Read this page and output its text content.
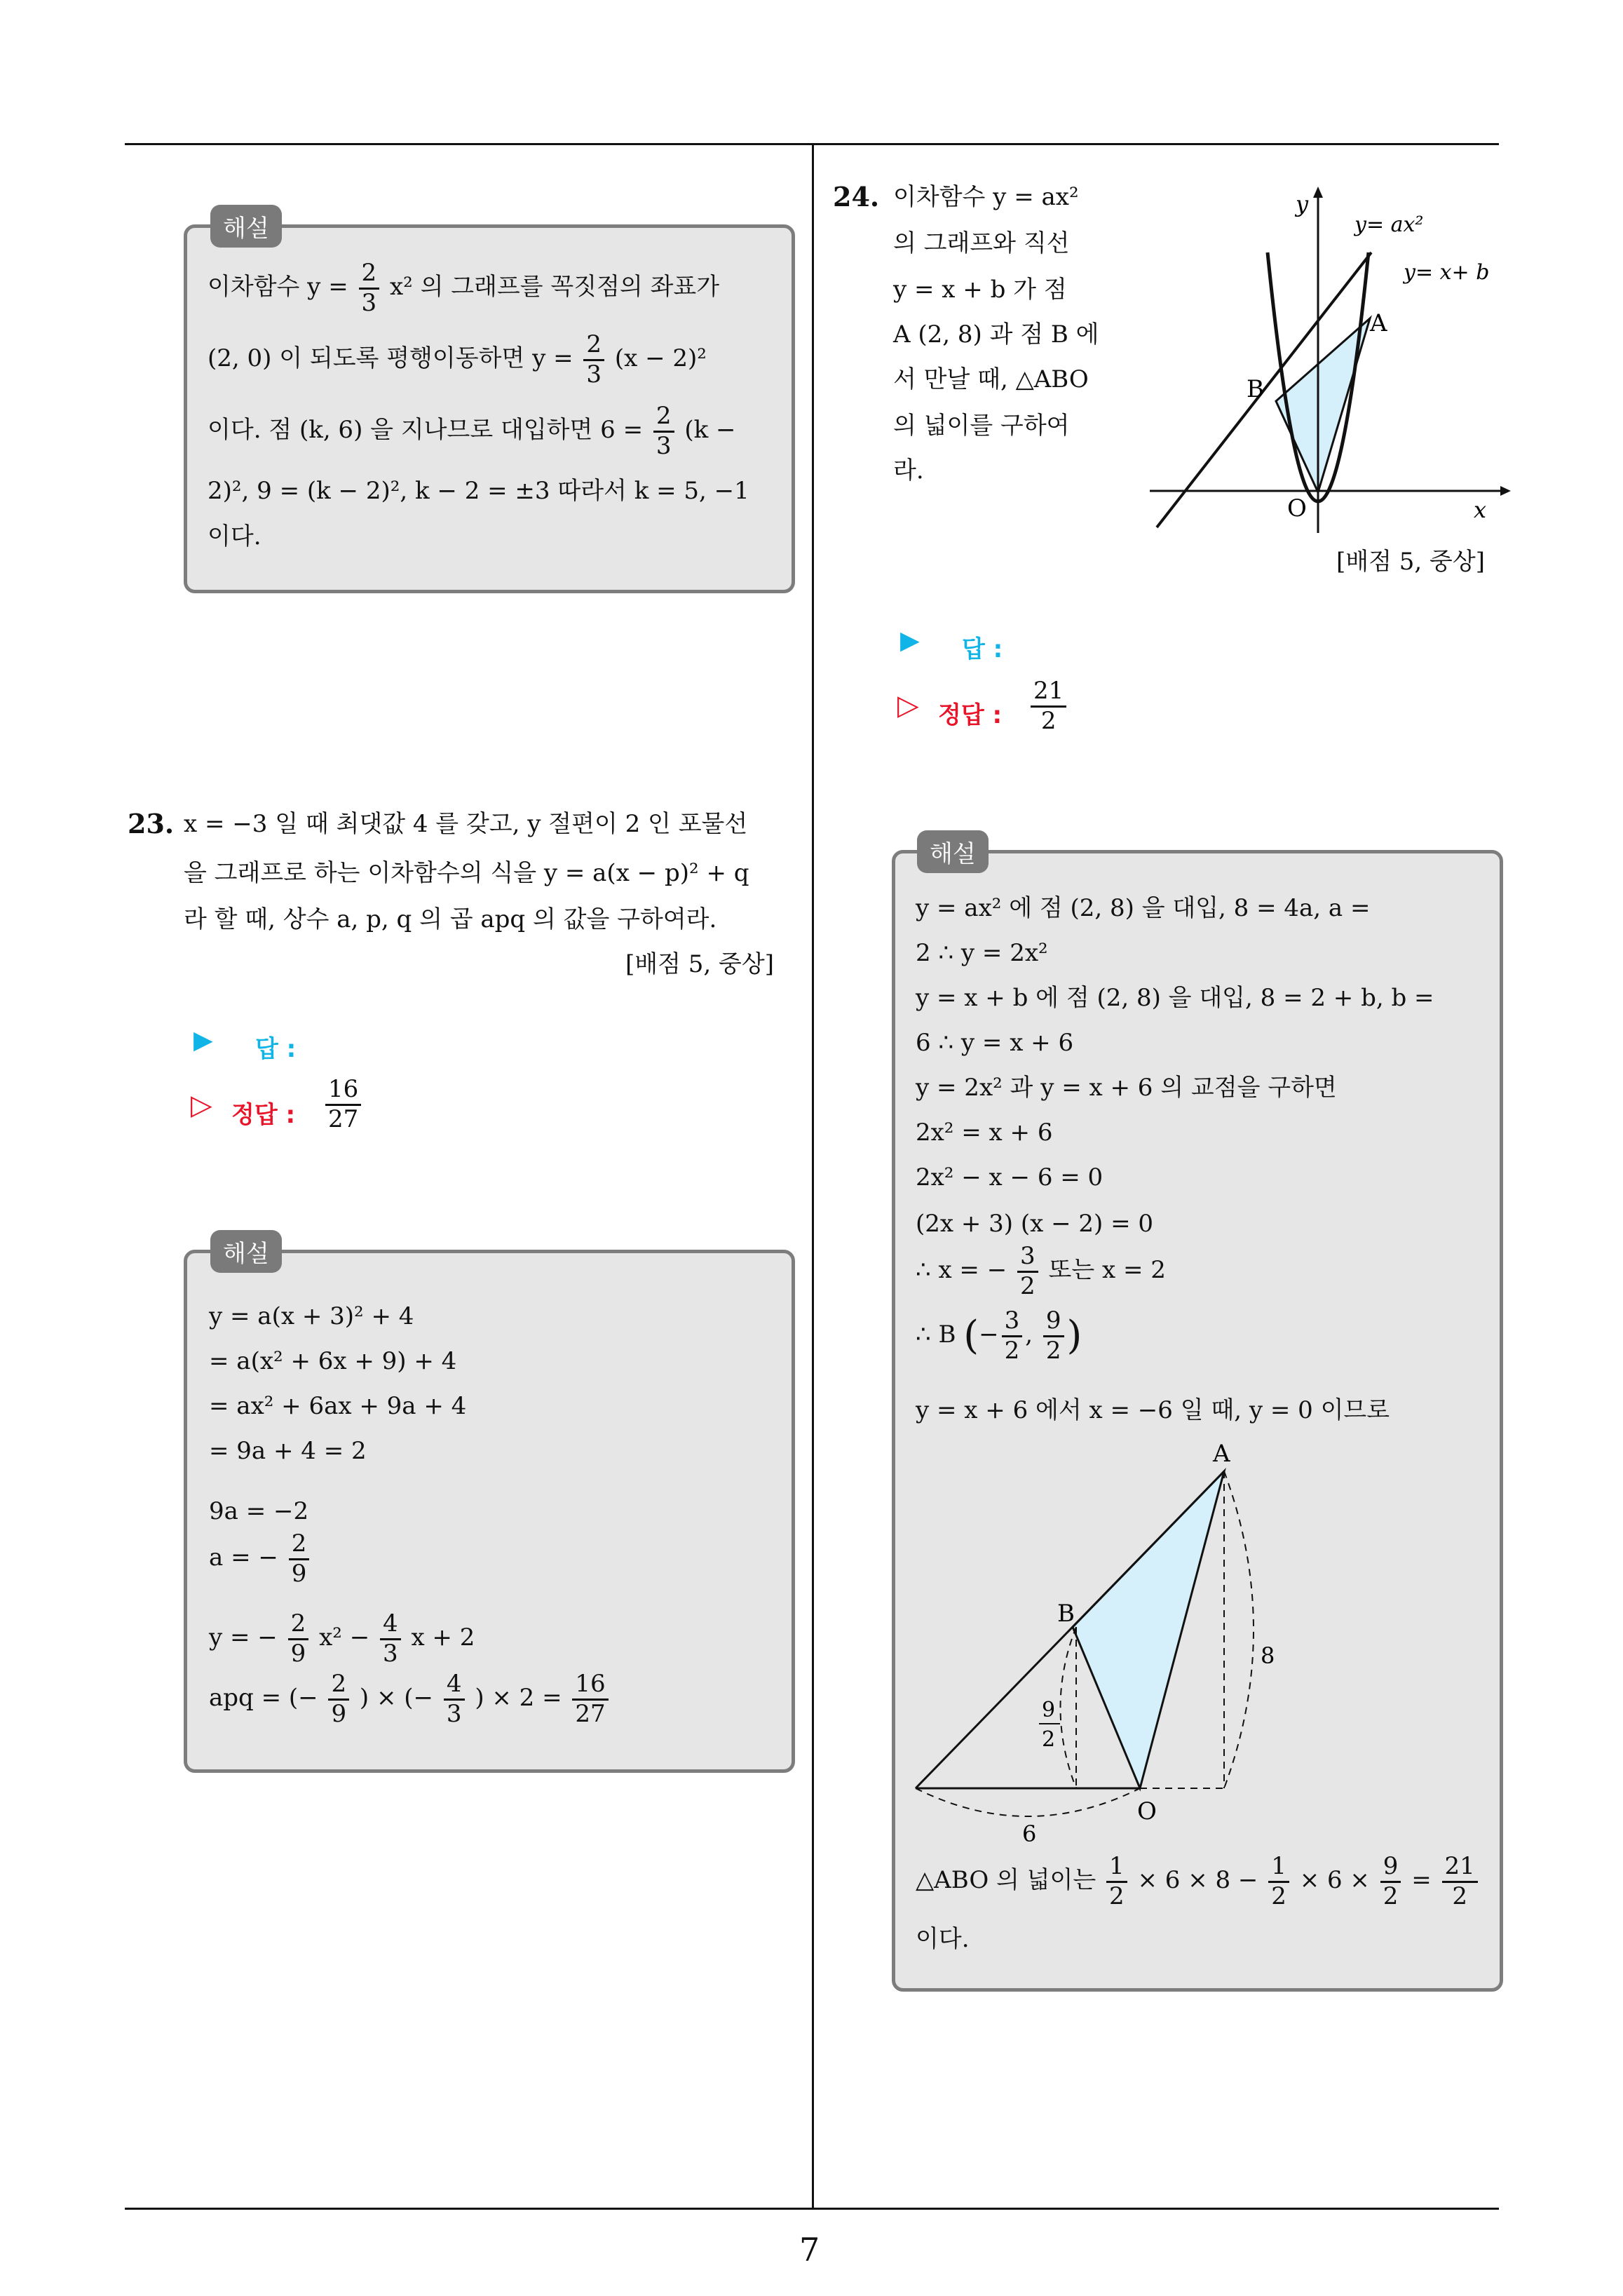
7
해설
이차함수 $y = \frac{2}{3} x^2$ 의 그래프를 꼭짓점의 좌표가
(2, 0) 이 되도록 평행이동하면 $y = \frac{2}{3} (x - 2)^2$
이다. 점 (k, 6) 을 지나므로 대입하면 $6 = \frac{2}{3} (k$ −
2)², 9 = (k − 2)², k − 2 = ±3 따라서 k = 5, −1
이다.
23. x = −3 일 때 최댓값 4 를 갖고, y 절편이 2 인 포물선
을 그래프로 하는 이차함수의 식을 y = a(x − p)² + q
라 할 때, 상수 a, p, q 의 곱 apq 의 값을 구하여라.
[배점 5, 중상]
▶ 답 :
▷ 정답 : $\frac{16}{27}$
해설
y = a(x + 3)² + 4
= a(x² + 6x + 9) + 4
= ax² + 6ax + 9a + 4
= 9a + 4 = 2
9a = −2
a = − $\frac{2}{9}$
y = − $\frac{2}{9} x^2 - \frac{4}{3}$ x + 2
apq = (− $\frac{2}{9}$ ) × (− $\frac{4}{3}$ ) × $2 = \frac{16}{27}$
24. 이차함수 y = ax²
의 그래프와 직선
y = x + b 가 점
A (2, 8) 과 점 B 에
서 만날 때, △ABO
의 넓이를 구하여
라.
y
x
O
y= ax²
y= x+ b
A
B
[배점 5, 중상]
▶ 답 :
▷ 정답 : $\frac{21}{2}$
해설
y = ax² 에 점 (2, 8) 을 대입, 8 = 4a, a =
2 ∴ y = 2x²
y = x + b 에 점 (2, 8) 을 대입, 8 = 2 + b, b =
6 ∴ y = x + 6
y = 2x² 과 y = x + 6 의 교점을 구하면
2x² = x + 6
2x² − x − 6 = 0
(2x + 3) (x − 2) = 0
∴ x = − $\frac{3}{2}$ 또는 x = 2
∴ B (− $\frac{3}{2}$ , $\frac{9}{2}$ )
y = x + 6 에서 x = −6 일 때, y = 0 이므로
A
B
O
8
6
9
2
△ABO 의 넓이는 $\frac{1}{2} \times 6 \times 8 - \frac{1}{2} \times 6 \times \frac{9}{2} = \frac{21}{2}$
이다.
